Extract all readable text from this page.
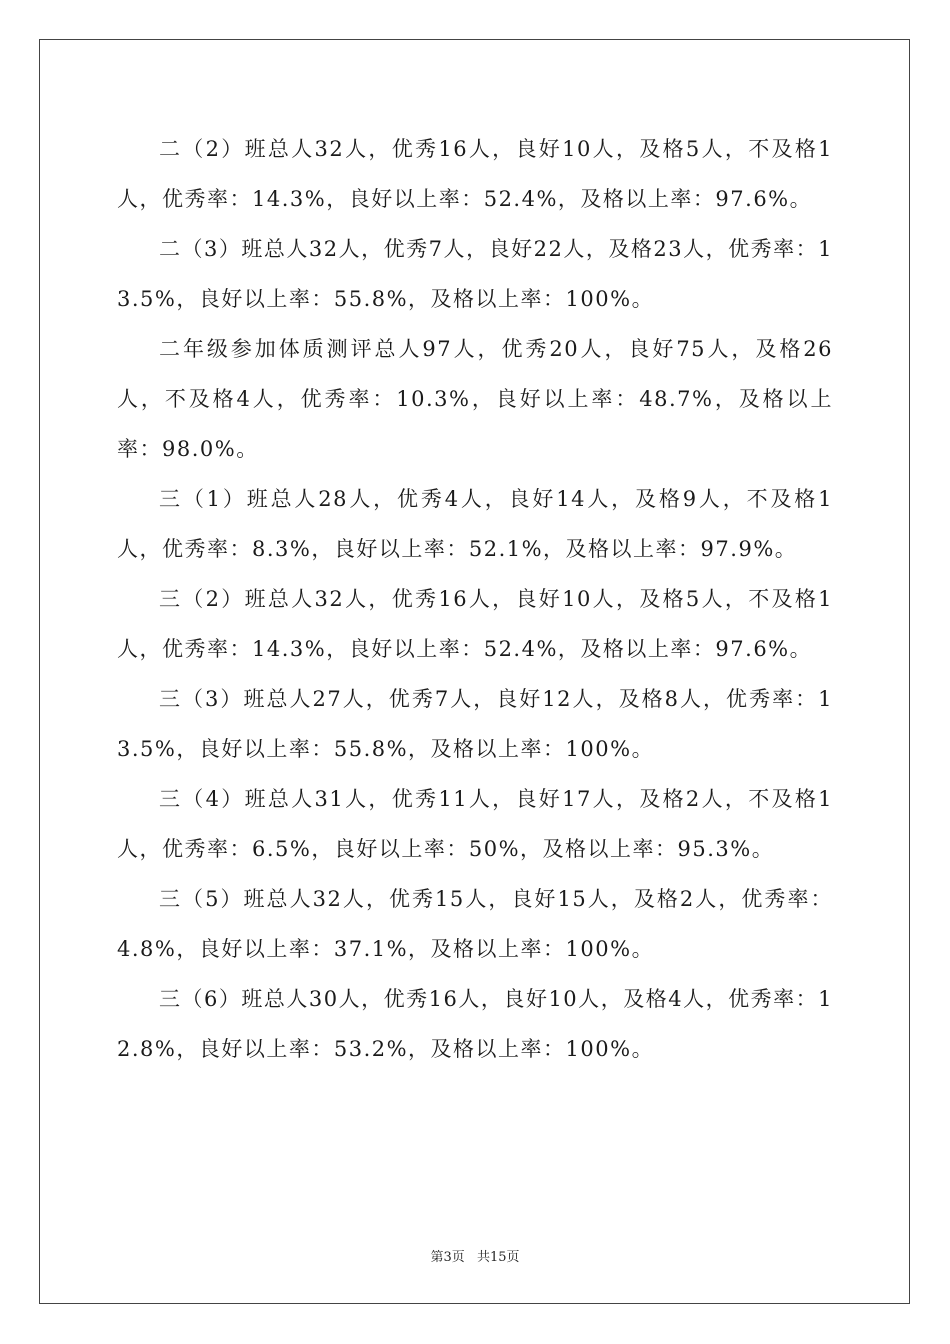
二（2）班总人32人，优秀16人，良好10人，及格5人，不及格1人，优秀率：14.3%，良好以上率：52.4%，及格以上率：97.6%。

二（3）班总人32人，优秀7人，良好22人，及格23人，优秀率：13.5%，良好以上率：55.8%，及格以上率：100%。

二年级参加体质测评总人97人，优秀20人，良好75人，及格26人，不及格4人，优秀率：10.3%，良好以上率：48.7%，及格以上率：98.0%。

三（1）班总人28人，优秀4人，良好14人，及格9人，不及格1人，优秀率：8.3%，良好以上率：52.1%，及格以上率：97.9%。

三（2）班总人32人，优秀16人，良好10人，及格5人，不及格1人，优秀率：14.3%，良好以上率：52.4%，及格以上率：97.6%。

三（3）班总人27人，优秀7人，良好12人，及格8人，优秀率：13.5%，良好以上率：55.8%，及格以上率：100%。

三（4）班总人31人，优秀11人，良好17人，及格2人，不及格1人，优秀率：6.5%，良好以上率：50%，及格以上率：95.3%。

三（5）班总人32人，优秀15人，良好15人，及格2人，优秀率：4.8%，良好以上率：37.1%，及格以上率：100%。

三（6）班总人30人，优秀16人，良好10人，及格4人，优秀率：12.8%，良好以上率：53.2%，及格以上率：100%。

第3页 共15页
